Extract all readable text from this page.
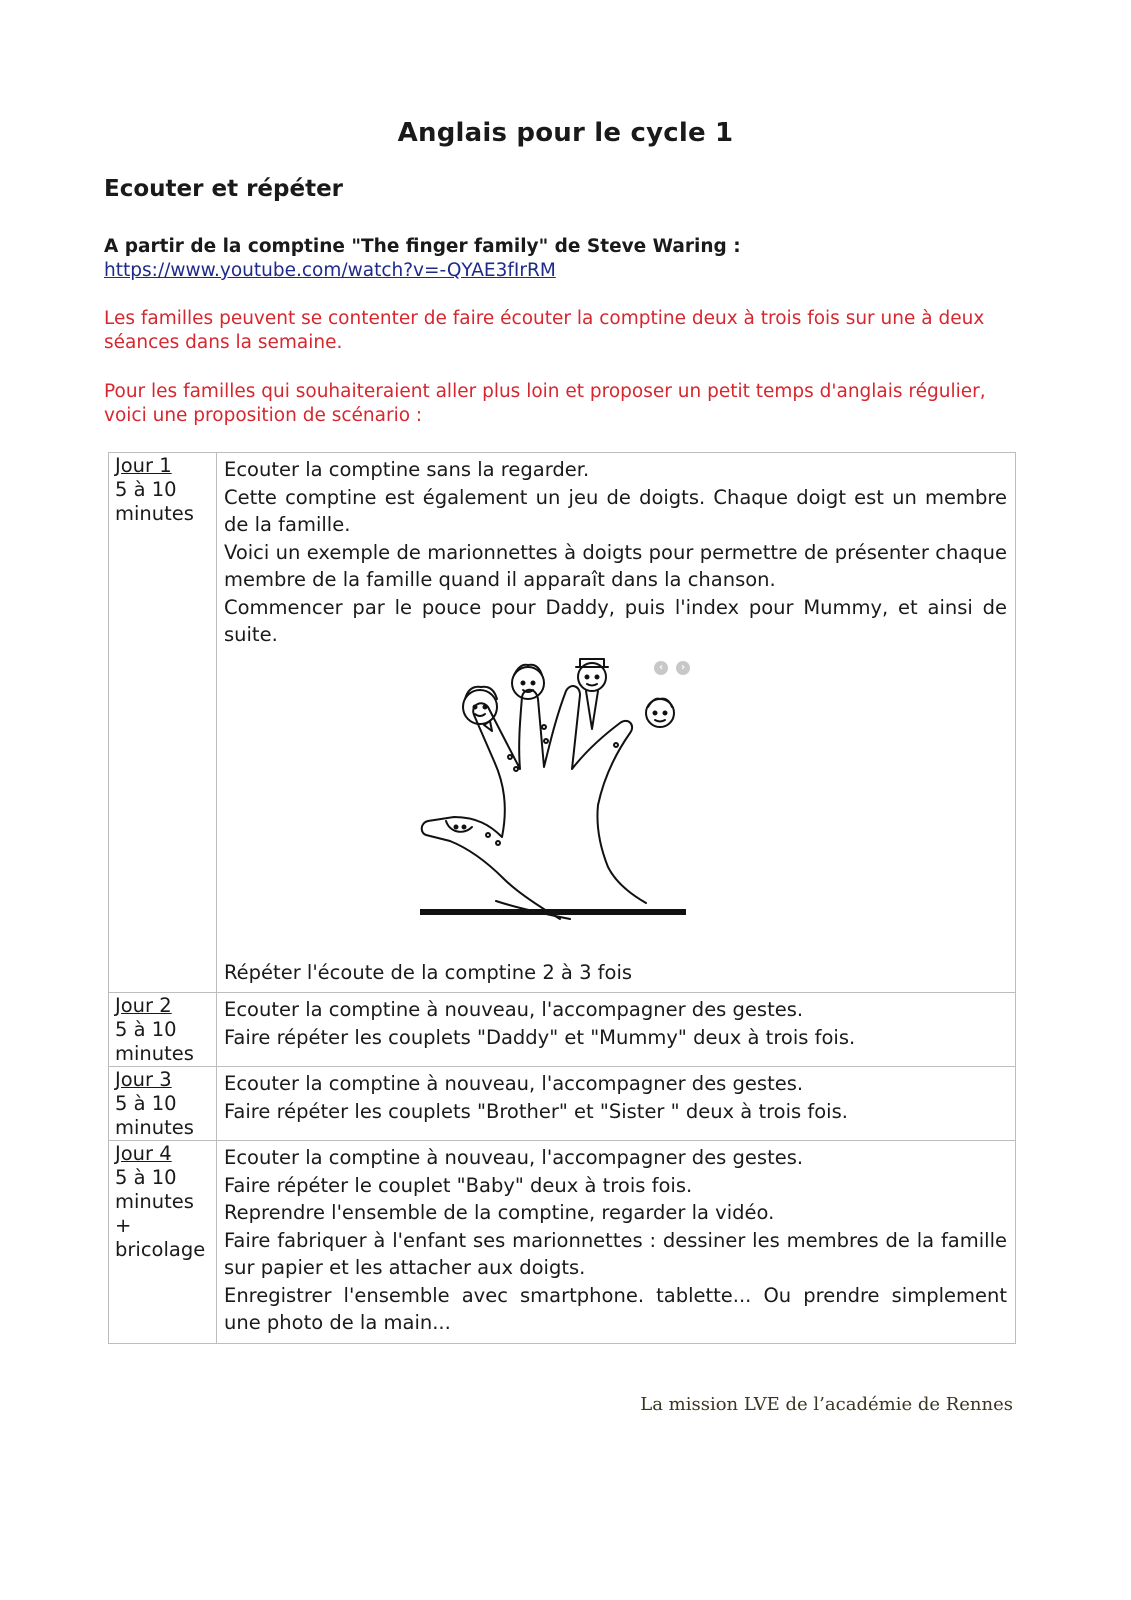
Anglais pour le cycle 1
Ecouter et répéter
A partir de la comptine "The finger family" de Steve Waring :
https://www.youtube.com/watch?v=-QYAE3fIrRM

Les familles peuvent se contenter de faire écouter la comptine deux à trois fois sur une à deux séances dans la semaine.

Pour les familles qui souhaiteraient aller plus loin et proposer un petit temps d'anglais régulier, voici une proposition de scénario :

Jour 1
5 à 10
minutes
Ecouter la comptine sans la regarder.
Cette comptine est également un jeu de doigts. Chaque doigt est un membre de la famille.
Voici un exemple de marionnettes à doigts pour permettre de présenter chaque membre de la famille quand il apparaît dans la chanson.
Commencer par le pouce pour Daddy, puis l'index pour Mummy, et ainsi de suite.
‹	›
Répéter l'écoute de la comptine 2 à 3 fois
Jour 2
5 à 10
minutes
Ecouter la comptine à nouveau, l'accompagner des gestes.
Faire répéter les couplets "Daddy" et "Mummy" deux à trois fois.
Jour 3
5 à 10
minutes
Ecouter la comptine à nouveau, l'accompagner des gestes.
Faire répéter les couplets "Brother" et "Sister " deux à trois fois.
Jour 4
5 à 10
minutes
+
bricolage
Ecouter la comptine à nouveau, l'accompagner des gestes.
Faire répéter le couplet "Baby" deux à trois fois.
Reprendre l'ensemble de la comptine, regarder la vidéo.
Faire fabriquer à l'enfant ses marionnettes : dessiner les membres de la famille sur papier et les attacher aux doigts.
Enregistrer l'ensemble avec smartphone. tablette... Ou prendre simplement une photo de la main...
La mission LVE de l’académie de Rennes
